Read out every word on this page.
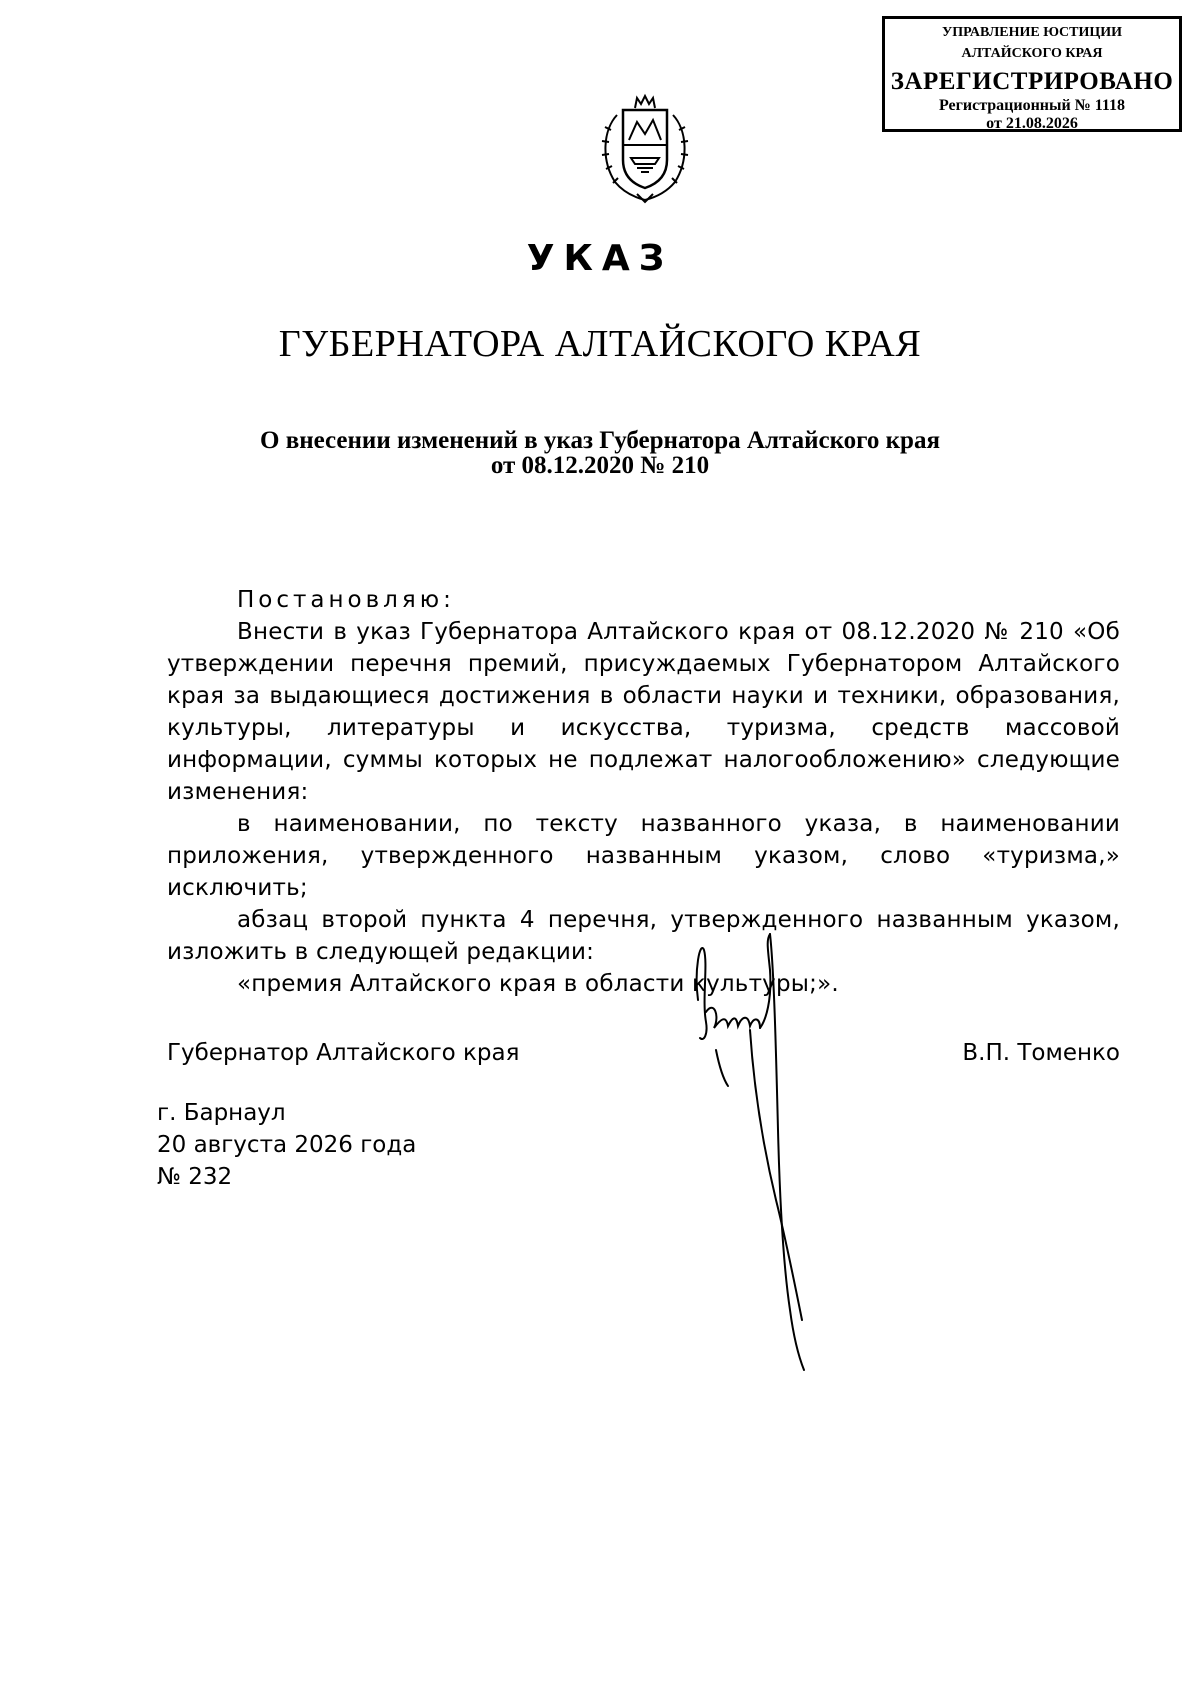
УПРАВЛЕНИЕ ЮСТИЦИИ
АЛТАЙСКОГО КРАЯ
ЗАРЕГИСТРИРОВАНО
Регистрационный № 1118
от 21.08.2026
УКАЗ
ГУБЕРНАТОРА АЛТАЙСКОГО КРАЯ
О внесении изменений в указ Губернатора Алтайского края
от 08.12.2020 № 210
Постановляю:

Внести в указ Губернатора Алтайского края от 08.12.2020 № 210 «Об утверждении перечня премий, присуждаемых Губернатором Алтайского края за выдающиеся достижения в области науки и техники, образования, культуры, литературы и искусства, туризма, средств массовой информации, суммы которых не подлежат налогообложению» следующие изменения:

в наименовании, по тексту названного указа, в наименовании приложения, утвержденного названным указом, слово «туризма,» исключить;

абзац второй пункта 4 перечня, утвержденного названным указом, изложить в следующей редакции:

«премия Алтайского края в области культуры;».

Губернатор Алтайского края	В.П. Томенко
г. Барнаул
20 августа 2026 года
№ 232
